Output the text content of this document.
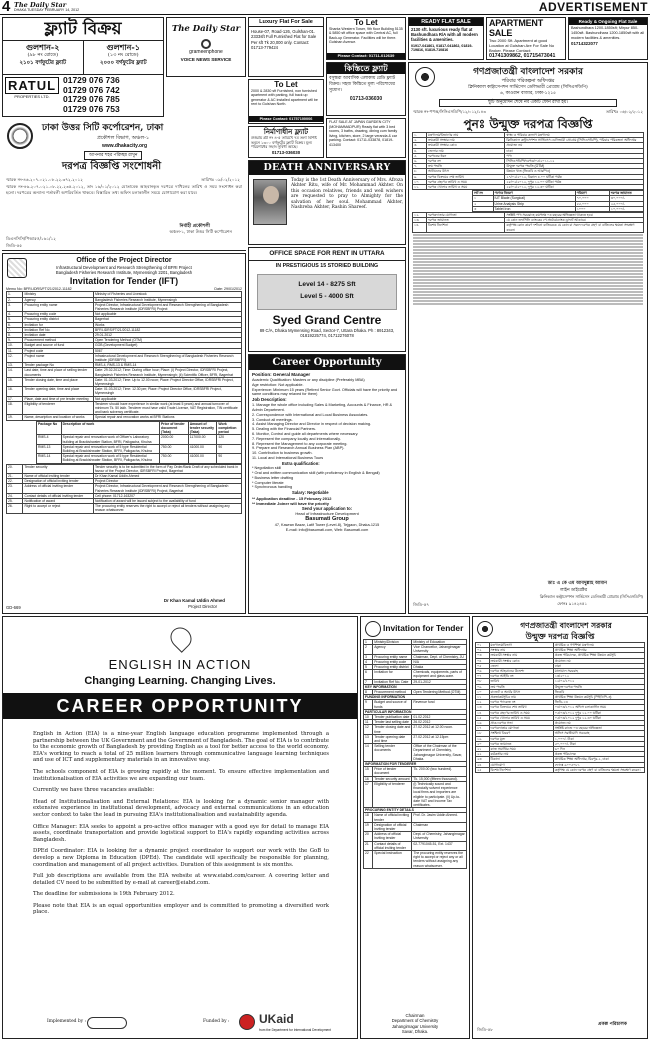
4 The Daily Star
DHAKA TUESDAY FEBRUARY 14, 2012	ADVERTISEMENT
ফ্ল্যাট বিক্রয়
গুলশান-২
(৯৮ নং রোডে)
২১০১ বর্গফুটের ফ্ল্যাট
গুলশান-১
(১৩ নং রোডে)
২০০০ বর্গফুটের ফ্ল্যাট
RATUL
PROPERTIES LTD.
01729 076 736
01729 076 742
01729 076 785
01729 076 753
The Daily Star
grameenphone
VOICE NEWS SERVICE
Luxury Flat For Sale
House-07, Road-126, Gulshan-01. 2333sft Full Furnished Flat for Sale Per sft Tk 20,000 only. Contact: 01713-779424
To Let
Shanta Western Tower, 9th floor Building 5135 & 5850 sft office space with Central AC, full Back-up Generator. Facilities will be there. Gulshan Avenue.
Please Contact: 01711-012639
READY FLAT SALE
2130 sft. luxurious ready flat at Bashundhara R/A with all modern facilities & amenities.
01917-041861, 01817-041862, 01819-719816, 01819-710816
APARTMENT SALE
Two 2000 Sft. Apartment at good Location at Gulshan Are For Sale No Broker. Please Contact:
01741309862, 01715473041
Ready & Ongoing Flat Sale
Bashundhara 1200-1850sft; Mirpur 850-1450sft. Bashundhara 1200-1850sft with all modern facilities & amenities.
01714322077
To Let
2000 & 2830 sft Furnished, non furnished apartment with parking, full back up generator & AC installed apartment will be rent to Gulshan North.
Please Contact: 01757100006
কিস্তিতে ফ্ল্যাট
বসুন্ধরা আবাসিক এলাকায় রেডি ফ্ল্যাট বিক্রয়। সহজ কিস্তিতে মূল্য পরিশোধের সুযোগ।
01713-036030
FLAT SALE AT JAPAN GARDEN CITY (MOHAMMADPUR) Ready flat with 3 bed rooms, 3 baths, drawing, dining cum family living, kitchen, store, 2 large veranda & car parking. Contact: 01711-033878, 01819-413400
ঢাকা উত্তর সিটি কর্পোরেশন, ঢাকা
প্রকৌশল বিভাগ, অঞ্চল-১
www.dhakacity.org
আপনার শহর পরিচ্ছন্ন রাখুন
দরপত্র বিজ্ঞপ্তি সংশোধনী
স্মারক নং-৪৬.২০৭.০২১.০৮.২২.৩৭২.২০১২	তারিখঃ ০৯/০২/২০১২
স্মারক নং-৪৬.২০৭.০২১.০৮.২২.২৩৫.২০১২, তাং ১৬/০১/২০১২ মোতাবেক আহবানকৃত দরপত্রে দাখিলের তারিখ ও সময় সংশোধন করা হলো। দরপত্রের অন্যান্য শর্তাবলী অপরিবর্তিত থাকবে। বিস্তারিত তথ্য অফিস চলাকালীন সময়ে যোগাযোগ করা যাবে।
নির্বাহী প্রকৌশলী
অঞ্চল-১, ঢাকা উত্তর সিটি কর্পোরেশন
ডিএনসিসি/পিআরও/১৬১/১২
জিডি-৫৫
নির্মাণাধীন ফ্ল্যাট
উত্তরায় প্লট নং ৪-৫ তারিখে ৭ম তলা বিশিষ্ট ভবনে ১৩০০ বর্গফুটের ফ্ল্যাট বিক্রয়। মূল্য পরিশোধের সহজ সুবিধা আছে।
01713-036030
DEATH ANNIVERSARY
Today is the 1st Death Anniversary of Mrs. Afroza Akhter Ritu, wife of Mr. Mohammad Akhter. On this occasion relatives, friends and well wishers are requested to pray to Almighty for the salvation of her soul. Mohammad Akhter, Nashreba Akhter, Rashin Shareef.
OFFICE SPACE FOR RENT IN UTTARA
IN PRESTIGIOUS 15 STORIED BUILDING
Level 14 - 8275 Sft
Level 5 - 4000 Sft
Syed Grand Centre
89 C/A, Dhaka Mymensing Road, Sector-7, Uttara Dhaka. Ph : 8912343, 01819225774, 01712276078
Career Opportunity
Position: General Manager
Academic Qualification: Masters or any discipline (Preferably MBA)
Age restriction: Not applicable.
Experience: Minimum 15 years (Retired Senior Govt. Officials will have the priority and same conditions may relaxed for them)
Job Description:
1. Manage the whole office including Sales & Marketing, Accounts & Finance, HR & Admin Department.
2. Correspondence with International and Local Business Associates.
3. Conduct all meetings.
4. Assist Managing Director and Director in respect of decision making.
5. Dealing with the Financial Partners.
6. Monitor, Control and guide all departments where necessary.
7. Represent the company locally and internationally.
8. Represent the Management to any corporate meeting.
9. Prepare and Research Annual Business Plan (ABP).
10. Contribution to business growth.
11. Local and International Business Tours
Extra qualification:
* Negotiation skill
* Oral and written communication skill (with proficiency in English & Bengali)
* Business letter drafting
* Computer literate
* Synchronous handling
Salary: Negotiable
** Application deadline - 15 February 2012
** Immediate Joiner will have the priority
Send your application to:
Head of Infrastructure Development
Basumati Group
47, Kawran Bazar, Latif Tower (Level-8), Tejgaon, Dhaka-1215
E-mail: info@basumati.com, Web: Basumati.com
Office of the Project Director
Infrastructural Development and Research Strengthening of BFRI Project
Bangladesh Fisheries Research Institute, Mymensingh 2201, Bangladesh
Invitation for Tender (IFT)
Memo No: BFRI-IDRS/FT/21/2012-11182	Date: 29/01/2012
1.	Ministry	Ministry of Fisheries and Livestock
2.	Agency	Bangladesh Fisheries Research Institute, Mymensingh
3.	Procuring entity name	Project Director, Infrastructural Development and Research Strengthening of Bangladesh Fisheries Research Institute (IDRSBFRI) Project
4.	Procuring entity code	Not applicable
5.	Procuring entity district	Bagerhat
6.	Invitation for	Works
7.	Invitation Ref No	BFRI-IDRS/FT/21/2012-11182
8.	Invitation date	29.01.2012
9.	Procurement method	Open Tendering Method (OTM)
10.	Budget and source of fund	GOB (Development Budget)
11.	Project code	5067
12.	Project name	Infrastructural Development and Research Strengthening of Bangladesh Fisheries Research Institute (IDRSBFRI)
13.	Tender package No	RMS-4, RMS-13 & RMS-14
14.	Last date, time and place of selling tender documents	Date: 29.02.2012; Time: During office hour; Place: (i) Project Director, IDRSBFRI Project, Bangladesh Fisheries Research Institute, Mymensingh; (ii) Scientific Officer, BFRI, Bagerhat
15.	Tender closing date, time and place	Date: 01.03.2012; Time: Up to 12.00 noon; Place: Project Director Office, IDRSBFRI Project, Mymensingh
16.	Tender opening date, time and place	Date: 01.03.2012; Time: 12.30 pm; Place: Project Director Office, IDRSBFRI Project, Mymensingh
17.	Place, date and time of pre tender meeting	Not applicable
18.	Eligibility of tenderer	Tenderer should have experience in similar work (at least 5 years) and annual turnover of minimum Tk. 50 lakh. Tenderer must have valid Trade License, VAT Registration, TIN certificate and bank solvency certificate.
19.	Name, description and location of works	Special repair and renovation works at BFRI Stations
Package No	Description of work	Price of tender document (Taka)	Amount of tender security (Taka)	Work completion period
RMS-4	Special repair and renovation work of Officer's Laboratory building at Brackishwater Station, BFRI, Paikgacha, Khulna	2000.00	117000.00	120
RMS-13	Special repair and renovation work of 5 type Residential Building at Brackishwater Station, BFRI, Paikgacha, Khulna	750.00	41000.00	90
RMS-14	Special repair and renovation work of 5 type Residential Building at Brackishwater Station, BFRI, Paikgacha, Khulna	750.00	41000.00	90
20.	Tender security	Tender security is to be submitted in the form of Pay Order/Bank Draft of any scheduled bank in favour of the Project Director, IDRSBFRI Project, Bagerhat
21.	Name of official inviting tender	Dr Khan Kamal Uddin Ahmed
22.	Designation of official inviting tender	Project Director
23.	Address of official inviting tender	Project Director, Infrastructural Development and Research Strengthening of Bangladesh Fisheries Research Institute (IDRSBFRI) Project, Bagerhat
24.	Contact details of official inviting tender	Cell phone: 01712-163207
25.	Notification of award	Notification of award will be issued subject to the availability of fund
26.	Right to accept or reject	The procuring entity reserves the right to accept or reject all tenders without assigning any reason whatsoever.
Dr Khan Kamal Uddin Ahmed
Project Director
GD-669
গণপ্রজাতন্ত্রী বাংলাদেশ সরকার
পরিবার পরিকল্পনা অধিদপ্তর
ক্লিনিক্যাল কন্ট্রাসেপশন সার্ভিসেস ডেলিভারী প্রোগ্রাম (সিসিএসডিপি)
৬, কাওরান বাজার, ঢাকা-১২১৫
ছুটি অনুমোদন শেষে নব একটি ফোন রাখা হয়।
স্মারক নং-পপঅ/সিসিএসডিপি/১২/০১২/১৪৩	তারিখঃ ০৬/০২/২০১২
পুনঃ উন্মুক্ত দরপত্র বিজ্ঞপ্তি
১.	মন্ত্রণালয়/বিভাগের নাম	স্বাস্থ্য ও পরিবার কল্যাণ মন্ত্রণালয়
২.	ক্রয়কারী সংস্থার নাম	ক্লিনিক্যাল কন্ট্রাসেপশন সার্ভিসেস ডেলিভারী প্রোগ্রাম (সিসিএসডিপি), পরিবার পরিকল্পনা অধিদপ্তর
৩.	ক্রয়কারী সংস্থার কোড	প্রযোজ্য নয়
৪.	জেলার নাম	ঢাকা
৫.	দরপত্রের ধরন	পণ্য
৬.	দরপত্র নং	সিসিএসডিপি/দরপত্র/০৫/২০১১-১২
৭.	ক্রয় পদ্ধতি	উন্মুক্ত দরপত্র পদ্ধতি (OTM)
৮.	অর্থায়নের উৎস	উন্নয়ন খাত (জিওবি ও আরপিএ)
৯.	দরপত্র বিক্রয়ের শেষ তারিখ	২৭/০২/২০১২, বিকাল ৪.০০ ঘটিকা পর্যন্ত
১০.	দরপত্র গ্রহণের তারিখ ও সময়	২৮/০২/২০১২, দুপুর ১২.০০ ঘটিকা পর্যন্ত
১১.	দরপত্র খোলার তারিখ ও সময়	২৮/০২/২০১২, দুপুর ১২.৩০ ঘটিকা
লট নং	পণ্যের বিবরণ	পরিমাণ	দরপত্র জামানত
১	IUT Blade (Surgical)	৭০,০০০	৩০,০০০/-
২	Urine Analysis Strip	৫৫,০০০	২৫,০০০/-
৩	Tablet Iron	১০০০	১০,০০০/-
১২.	দরপত্রদাতার যোগ্যতা	সংশ্লিষ্ট পণ্য সরবরাহে কমপক্ষে ০৩ বছরের অভিজ্ঞতা থাকতে হবে।
১৩.	দরপত্র জামানত	যে কোন তফসিলি ব্যাংকের পে-অর্ডার/ব্যাংক ড্রাফট আকারে।
১৪.	বিশেষ নির্দেশনা	কর্তৃপক্ষ কোন কারণ দর্শানো ব্যতিরেকে যে কোন বা সকল দরপত্র গ্রহণ বা বাতিলের ক্ষমতা সংরক্ষণ করেন।
ডাঃ এ কে এম আবদুল্লাহ আমান
লাইন ডাইরেক্টর
ক্লিনিক্যাল কন্ট্রাসেপশন সার্ভিসেস ডেলিভারী প্রোগ্রাম (সিসিএসডিপি)
ফোনঃ ৯১৪২৪৫১
জিডি-৫৭
ENGLISH IN ACTION
Changing Learning. Changing Lives.
CAREER OPPORTUNITY

English in Action (EIA) is a nine-year English language education programme implemented through a partnership between the UK Government and the Government of Bangladesh. The goal of EIA is to contribute to the economic growth of Bangladesh by providing English as a tool for better access to the world economy. EIA's working to reach a total of 25 million learners through communicative language learning techniques and use of ICT and supplementary materials in an innovative way.

The schools component of EIA is growing rapidly at the moment. To ensure effective implementation and institutionalisation of EIA activities we are expanding our team.

Currently we have three vacancies available:

Head of Institutionalisation and External Relations: EIA is looking for a dynamic senior manager with extensive experience in institutional development, advocacy and external communications in an education sector context to take the lead in pursuing EIA's institutionalisation and sustainability agenda.

Office Manager: EIA seeks to appoint a pro-active office manager with a good eye for detail to manage EIA assets, coordinate transportation and provide logistical support to EIA's rapidly expanding activities across Bangladesh.

DPEd Coordinator: EIA is looking for a dynamic project coordinator to support our work with the GoB to develop a new Diploma in Education (DPEd). The candidate will specifically be responsible for planning, coordination and management of all project activities. Duration of this assignment is six months.

Full job descriptions are available from the EIA website at www.eiabd.com/career. A covering letter and detailed CV need to be submitted by e-mail at career@eiabd.com.

The deadline for submissions is 19th February 2012.

Please note that EIA is an equal opportunities employer and is committed to promoting a diversified work place.

Implemented by :	Funded by : UKaid
from the Department for International Development
Invitation for Tender
1	Ministry/Division	Ministry of Education
2	Agency	Vice Chancellor, Jahangirnagar University
3	Procuring entity name	Chairman, Dept. of Chemistry, JU
4	Procuring entity code	N/A
5	Procuring entity district	Dhaka
6	Invitation for	Chemicals, equipments, parts of equipment and glass-ware.
7	Invitation Ref No. Date	29-01-2012
KEY INFORMATION		
8	Procurement method	Open Tendering Method (OTM)
FUNDING INFORMATION		
9	Budget and source of funds	Revenue fund
PARTICULAR INFORMATION		
10	Tender publication date	01.02.2012
11	Tender last selling date	26.02.2012
12	Tender closing date and time	27.02.2012 at 12.00 noon.
13	Tender opening date and time	27.02.2012 at 12.15pm
14	Selling tender documents	Office of the Chairman of the Department of Chemistry, Jahangirnagar University, Savar, Dhaka.
INFORMATION FOR TENDERER		
15	Price of tender document	Tk. 200.00 (two hundred).
16	Tender security amount	Tk. 15,000 (fifteen thousand).
17	Eligibility of tenderer	(i) Technically sound and financially solvent experience local firms and importers are eligible to participate. (ii) Up-to-date VAT and Income Tax certificates.
PROCURING ENTITY DETAILS		
18	Name of official inviting tender	Prof. Dr. Jasim Uddin Ahmed.
19	Designation of official inviting tender	Chairman
20	Address of official inviting tender	Dept. of Chemistry, Jahangirnagar University
21	Contact details of official inviting tender	02-7791045-51, Ext. 1437
22	Special instruction	The procuring entity reserves the right to accept or reject any or all tenders without assigning any reason whatsoever.
Chairman
Department of Chemistry
Jahangirnagar University
Savar, Dhaka.
গণপ্রজাতন্ত্রী বাংলাদেশ সরকার
উন্মুক্ত দরপত্র বিজ্ঞপ্তি
০১	মন্ত্রণালয়/বিভাগ	প্রাথমিক ও গণশিক্ষা মন্ত্রণালয়
০২	সংস্থার নাম	প্রাথমিক শিক্ষা অধিদপ্তর
০৩	ক্রয়কারী সংস্থার নাম	প্রকল্প পরিচালক, প্রাথমিক শিক্ষা উন্নয়ন কর্মসূচি
০৪	ক্রয়কারী সংস্থার কোড	প্রযোজ্য নয়
০৫	জেলা	ঢাকা
০৬	দরপত্র আহবানের উদ্দেশ্য	মালামাল সরবরাহ
০৭	দরপত্র আইডি নং	১৩/২০১২
০৮	তারিখ	১২/০২/২০১২
০৯	ক্রয় পদ্ধতি	উন্মুক্ত দরপত্র পদ্ধতি
১০	বাজেট ও অর্থের উৎস	জিওবি
১১	প্রকল্প/কর্মসূচির নাম	প্রাথমিক শিক্ষা উন্নয়ন কর্মসূচি (পিইডিপি-৩)
১২	দরপত্র প্যাকেজ নং	জিডি-১৩
১৩	দরপত্র বিক্রয়ের শেষ তারিখ	০৪/০৩/২০১২ অফিস চলাকালীন সময়
১৪	দরপত্র গ্রহণের তারিখ ও সময়	০৫/০৩/২০১২ দুপুর ১২.০০ ঘটিকা
১৫	দরপত্র খোলার তারিখ ও সময়	০৫/০৩/২০১২ দুপুর ১২.৩০ ঘটিকা
১৬	প্রাক-দরপত্র সভা	প্রযোজ্য নয়
১৭	দরপত্রদাতার যোগ্যতা	সংশ্লিষ্ট কাজে ০৩ বছরের অভিজ্ঞতা
১৮	সংক্ষিপ্ত বিবরণ	অফিস সরঞ্জামাদি সরবরাহ
১৯	দরপত্র মূল্য	১,০০০/- টাকা
২০	দরপত্র জামানত	৫০,০০০/- টাকা
২১	কাজ সমাপ্তির সময়	৬০ দিন
২২	কর্মকর্তার নাম	প্রকল্প পরিচালক
২৩	ঠিকানা	প্রাথমিক শিক্ষা অধিদপ্তর, মিরপুর-২, ঢাকা
২৪	যোগাযোগ	ফোনঃ ৯০০৫০৮১
২৫	বিশেষ নির্দেশনা	কর্তৃপক্ষ যে কোন দরপত্র গ্রহণ বা বাতিলের ক্ষমতা সংরক্ষণ করেন।
প্রকল্প পরিচালক
জিডি-৫৮
